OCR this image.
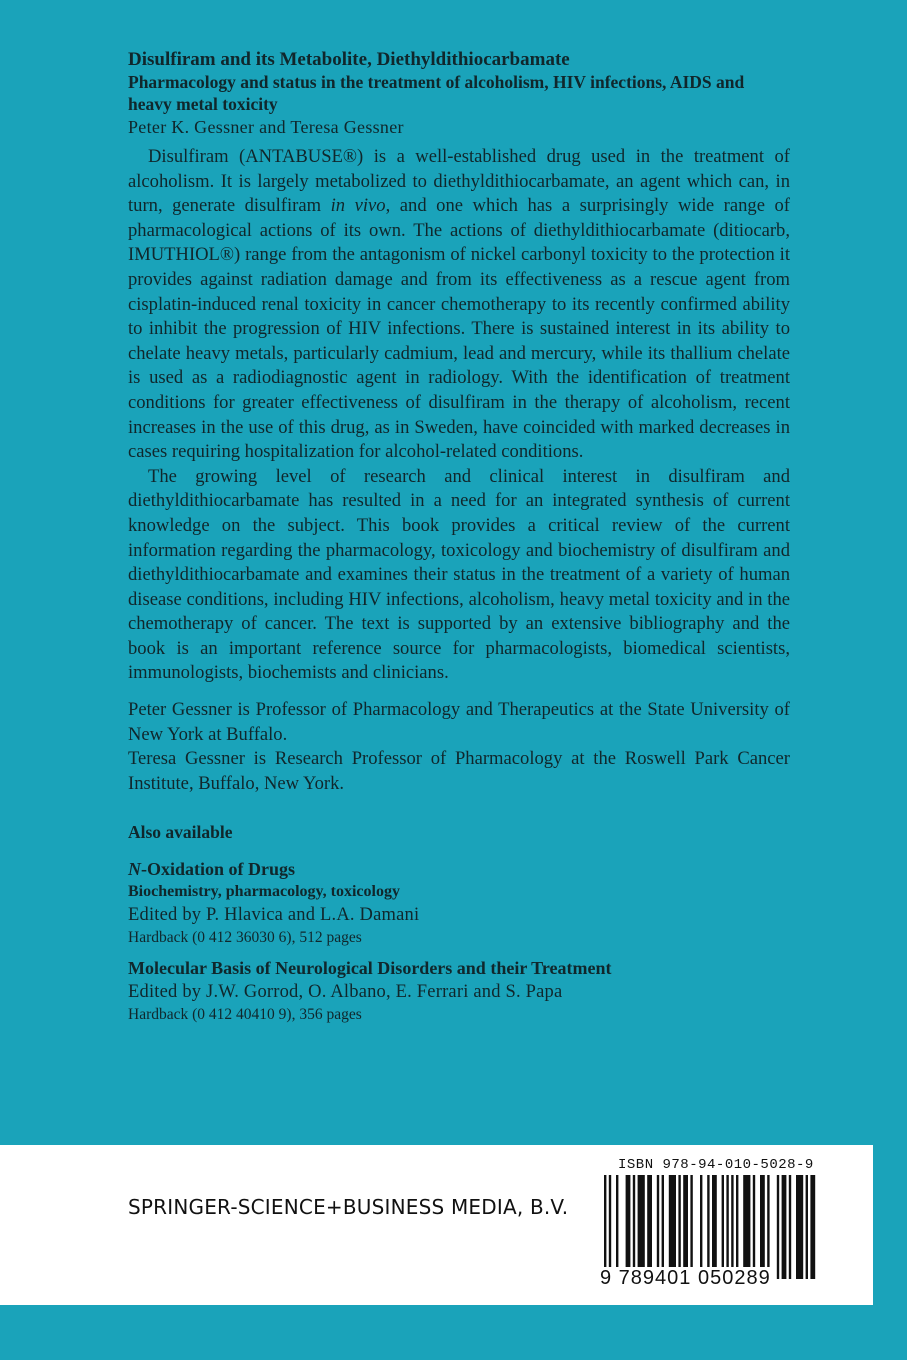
Disulfiram and its Metabolite, Diethyldithiocarbamate

Pharmacology and status in the treatment of alcoholism, HIV infections, AIDS and heavy metal toxicity

Peter K. Gessner and Teresa Gessner

Disulfiram (ANTABUSE®) is a well-established drug used in the treatment of alcoholism. It is largely metabolized to diethyldithiocarbamate, an agent which can, in turn, generate disulfiram in vivo, and one which has a surprisingly wide range of pharmacological actions of its own. The actions of diethyldithiocarbamate (ditiocarb, IMUTHIOL®) range from the antagonism of nickel carbonyl toxicity to the protection it provides against radiation damage and from its effectiveness as a rescue agent from cisplatin-induced renal toxicity in cancer chemotherapy to its recently confirmed ability to inhibit the progression of HIV infections. There is sustained interest in its ability to chelate heavy metals, particularly cadmium, lead and mercury, while its thallium chelate is used as a radiodiagnostic agent in radiology. With the identification of treatment conditions for greater effectiveness of disulfiram in the therapy of alcoholism, recent increases in the use of this drug, as in Sweden, have coincided with marked decreases in cases requiring hospitalization for alcohol-related conditions.

The growing level of research and clinical interest in disulfiram and diethyldithiocarbamate has resulted in a need for an integrated synthesis of current knowledge on the subject. This book provides a critical review of the current information regarding the pharmacology, toxicology and biochemistry of disulfiram and diethyldithiocarbamate and examines their status in the treatment of a variety of human disease conditions, including HIV infections, alcoholism, heavy metal toxicity and in the chemotherapy of cancer. The text is supported by an extensive bibliography and the book is an important reference source for pharmacologists, biomedical scientists, immunologists, biochemists and clinicians.

Peter Gessner is Professor of Pharmacology and Therapeutics at the State University of New York at Buffalo.

Teresa Gessner is Research Professor of Pharmacology at the Roswell Park Cancer Institute, Buffalo, New York.

Also available
N-Oxidation of Drugs
Biochemistry, pharmacology, toxicology
Edited by P. Hlavica and L.A. Damani
Hardback (0 412 36030 6), 512 pages
Molecular Basis of Neurological Disorders and their Treatment
Edited by J.W. Gorrod, O. Albano, E. Ferrari and S. Papa
Hardback (0 412 40410 9), 356 pages
SPRINGER-SCIENCE+BUSINESS MEDIA, B.V.
ISBN 978-94-010-5028-9
9 789401 050289
